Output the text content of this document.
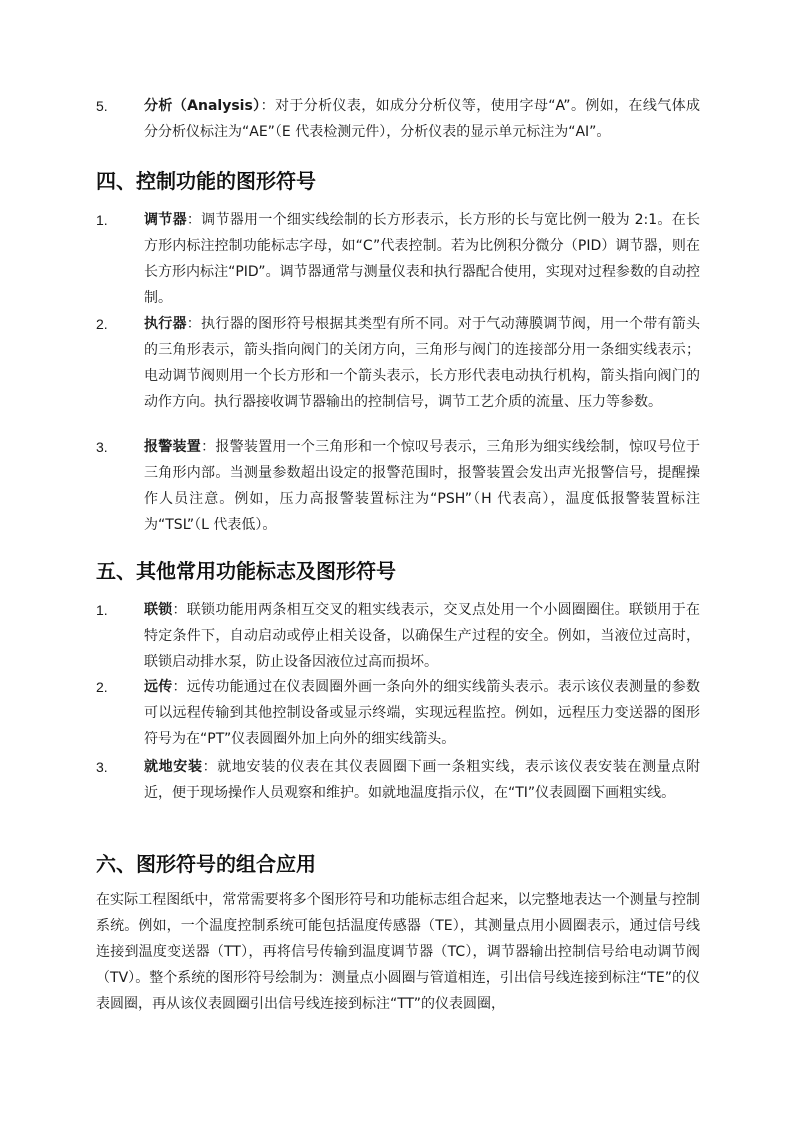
5.	分析（Analysis）：对于分析仪表，如成分分析仪等，使用字母“A”。例如，在线气体成分分析仪标注为“AE”（E 代表检测元件），分析仪表的显示单元标注为“AI”。
四、控制功能的图形符号
1.	调节器：调节器用一个细实线绘制的长方形表示，长方形的长与宽比例一般为 2:1。在长方形内标注控制功能标志字母，如“C”代表控制。若为比例积分微分（PID）调节器，则在长方形内标注“PID”。调节器通常与测量仪表和执行器配合使用，实现对过程参数的自动控制。
2.	执行器：执行器的图形符号根据其类型有所不同。对于气动薄膜调节阀，用一个带有箭头的三角形表示，箭头指向阀门的关闭方向，三角形与阀门的连接部分用一条细实线表示；电动调节阀则用一个长方形和一个箭头表示，长方形代表电动执行机构，箭头指向阀门的动作方向。执行器接收调节器输出的控制信号，调节工艺介质的流量、压力等参数。
3.	报警装置：报警装置用一个三角形和一个惊叹号表示，三角形为细实线绘制，惊叹号位于三角形内部。当测量参数超出设定的报警范围时，报警装置会发出声光报警信号，提醒操作人员注意。例如，压力高报警装置标注为“PSH”（H 代表高），温度低报警装置标注为“TSL”（L 代表低）。
五、其他常用功能标志及图形符号
1.	联锁：联锁功能用两条相互交叉的粗实线表示，交叉点处用一个小圆圈圈住。联锁用于在特定条件下，自动启动或停止相关设备，以确保生产过程的安全。例如，当液位过高时，联锁启动排水泵，防止设备因液位过高而损坏。
2.	远传：远传功能通过在仪表圆圈外画一条向外的细实线箭头表示。表示该仪表测量的参数可以远程传输到其他控制设备或显示终端，实现远程监控。例如，远程压力变送器的图形符号为在“PT”仪表圆圈外加上向外的细实线箭头。
3.	就地安装：就地安装的仪表在其仪表圆圈下画一条粗实线，表示该仪表安装在测量点附近，便于现场操作人员观察和维护。如就地温度指示仪，在“TI”仪表圆圈下画粗实线。
六、图形符号的组合应用
在实际工程图纸中，常常需要将多个图形符号和功能标志组合起来，以完整地表达一个测量与控制系统。例如，一个温度控制系统可能包括温度传感器（TE），其测量点用小圆圈表示，通过信号线连接到温度变送器（TT），再将信号传输到温度调节器（TC），调节器输出控制信号给电动调节阀（TV）。整个系统的图形符号绘制为：测量点小圆圈与管道相连，引出信号线连接到标注“TE”的仪表圆圈，再从该仪表圆圈引出信号线连接到标注“TT”的仪表圆圈，
